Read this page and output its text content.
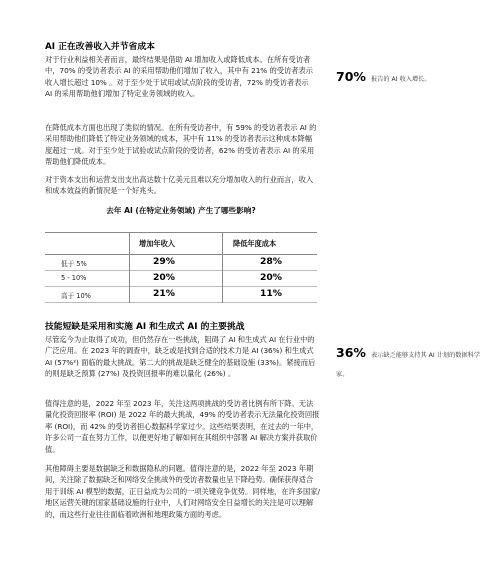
AI 正在改善收入并节省成本

对于行业利益相关者而言，最终结果是借助 AI 增加收入或降低成本。在所有受访者中，70% 的受访者表示 AI 的采用帮助他们增加了收入，其中有 21% 的受访者表示收入增长超过 10% 。对于至少处于试用或试点阶段的受访者，72% 的受访者表示 AI 的采用帮助他们增加了特定业务领域的收入。

在降低成本方面也出现了类似的情况。在所有受访者中，有 59% 的受访者表示 AI 的采用帮助他们降低了特定业务领域的成本，其中有 11% 的受访者表示这种成本降幅度超过一成。对于至少处于试验或试点阶段的受访者，62% 的受访者表示 AI 的采用帮助他们降低成本。

对于资本支出和运营支出支出高达数十亿美元且难以充分增加收入的行业而言，收入和成本效益的新情况是一个好兆头。

去年 AI (在特定业务领域) 产生了哪些影响?
增加年收入	降低年度成本
低于 5%	29%	28%
5 - 10%	20%	20%
高于 10%	21%	11%
技能短缺是采用和实施 AI 和生成式 AI 的主要挑战

尽管迄今为止取得了成功，但仍然存在一些挑战，阻碍了 AI 和生成式 AI 在行业中的广泛应用。在 2023 年的调查中，缺乏或是找到合适的技术力是 AI (36%) 和生成式 AI (57%²) 面临的最大挑战。第二大的挑战是缺乏健全的基础设施 (33%)。紧接而后的则是缺乏预算 (27%) 及投资回报率的难以量化 (26%) 。

值得注意的是，2022 年至 2023 年，关注这两项挑战的受访者比例有所下降。无法量化投资回报率 (ROI) 是 2022 年的最大挑战，49% 的受访者表示无法量化投资回报率 (ROI)，而 42% 的受访者担心数据科学家过少。这些结果表明，在过去的一年中，许多公司一直在努力工作，以便更好地了解如何在其组织中部署 AI 解决方案并获取价值。

其他障碍主要是数据缺乏和数据隐私的问题。值得注意的是，2022 年至 2023 年期间，关注除了数据缺乏和网络安全挑战外的受访者数量也呈下降趋势。确保获得适合用于训练 AI 模型的数据，正日益成为公司的一项关键竞争优势。同样地，在许多国家/地区运营关键的国家基础设施的行业中，人们对网络安全日益增长的关注是可以理解的，而这些行业往往面临着欧洲和地理政策方面的考虑。

70% 报告的 AI 收入增长。
36% 表示缺乏能够支持其 AI 计划的数据科学家。
